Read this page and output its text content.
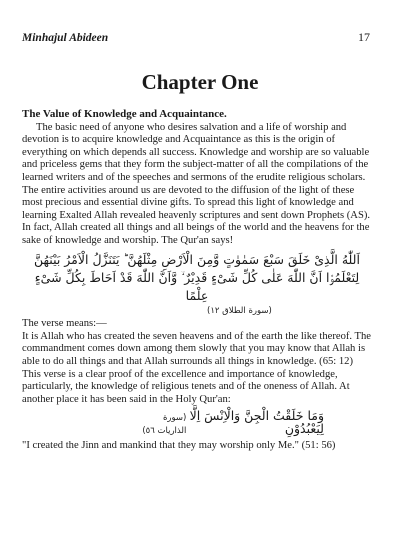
Minhajul Abideen	17
Chapter One

The Value of Knowledge and Acquaintance.

The basic need of anyone who desires salvation and a life of worship and devotion is to acquire knowledge and Acquaintance as this is the origin of everything on which depends all success. Knowledge and worship are so valuable and priceless gems that they form the subject-matter of all the compilations of the learned writers and of the speeches and sermons of the erudite religious scholars. The entire activities around us are devoted to the diffusion of the light of these most precious and essential divine gifts. To spread this light of knowledge and learning Exalted Allah revealed heavenly scriptures and sent down Prophets (AS). In fact, Allah created all things and all beings of the world and the heavens for the sake of knowledge and worship. The Qur'an says!

اَللّٰهُ الَّذِىْ خَلَقَ سَبْعَ سَمٰوٰتٍ وَّمِنَ الْاَرْضِ مِثْلَهُنَّ ؕ يَتَنَزَّلُ الْاَمْرُ بَيْنَهُنَّ
لِتَعْلَمُوْۤا اَنَّ اللّٰهَ عَلٰى كُلِّ شَىْءٍ قَدِيْرٌ ۙ وَّاَنَّ اللّٰهَ قَدْ اَحَاطَ بِكُلِّ شَىْءٍ عِلْمًا
(سورة الطلاق ١٢)

The verse means:—

It is Allah who has created the seven heavens and of the earth the like thereof. The commandment comes down among them slowly that you may know that Allah is able to do all things and that Allah surrounds all things in knowledge. (65: 12)

This verse is a clear proof of the excellence and importance of knowledge, particularly, the knowledge of religious tenets and of the oneness of Allah. At another place it has been said in the Holy Qur'an:

(سورة الذاريات ٥٦)
وَمَا خَلَقْتُ الْجِنَّ وَالْاِنْسَ اِلَّا لِيَعْبُدُوْنِ

"I created the Jinn and mankind that they may worship only Me." (51: 56)
